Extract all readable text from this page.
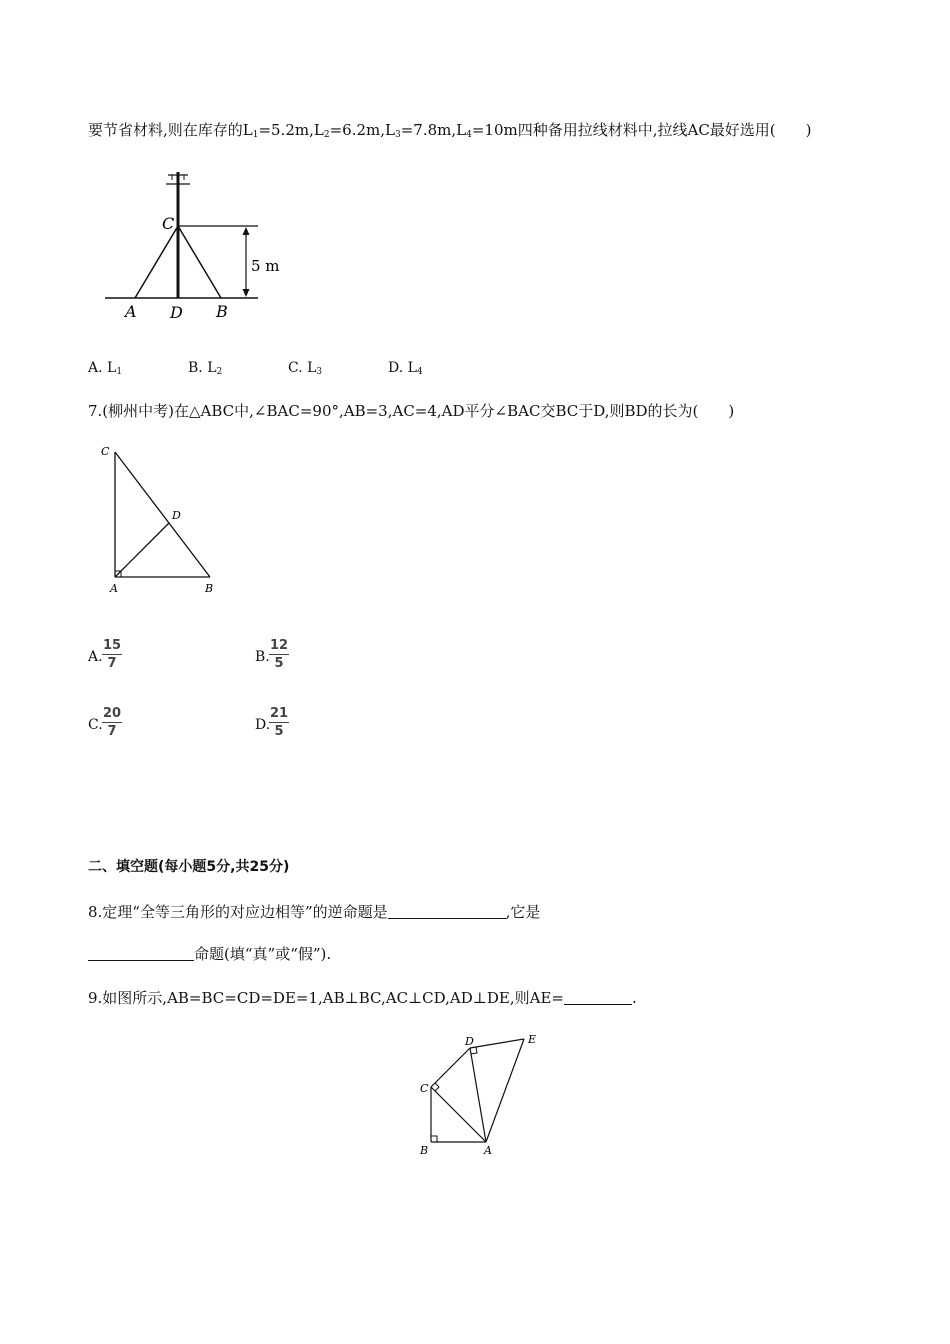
要节省材料,则在库存的$L_1=5.2m,L_2=6.2m,L_3=7.8m,L_4=10m$四种备用拉线材料中,拉线AC最好选用(　　)
C
A D B
5 m
A. $L_1$	B. $L_2$	C. $L_3$	D. $L_4$
7.(柳州中考)在△ABC中,∠BAC=90°,AB=3,AC=4,AD平分∠BAC交BC于D,则BD的长为(　　)
C
D
A	B
A.
15
7	B.
12
5
C.
20
7	D.
21
5
二、填空题(每小题5分,共25分)
8.定理“全等三角形的对应边相等”的逆命题是	,它是
命题(填“真”或“假”).
9.如图所示,AB=BC=CD=DE=1,AB⊥BC,AC⊥CD,AD⊥DE,则AE=	.
D	E
C
B	A
